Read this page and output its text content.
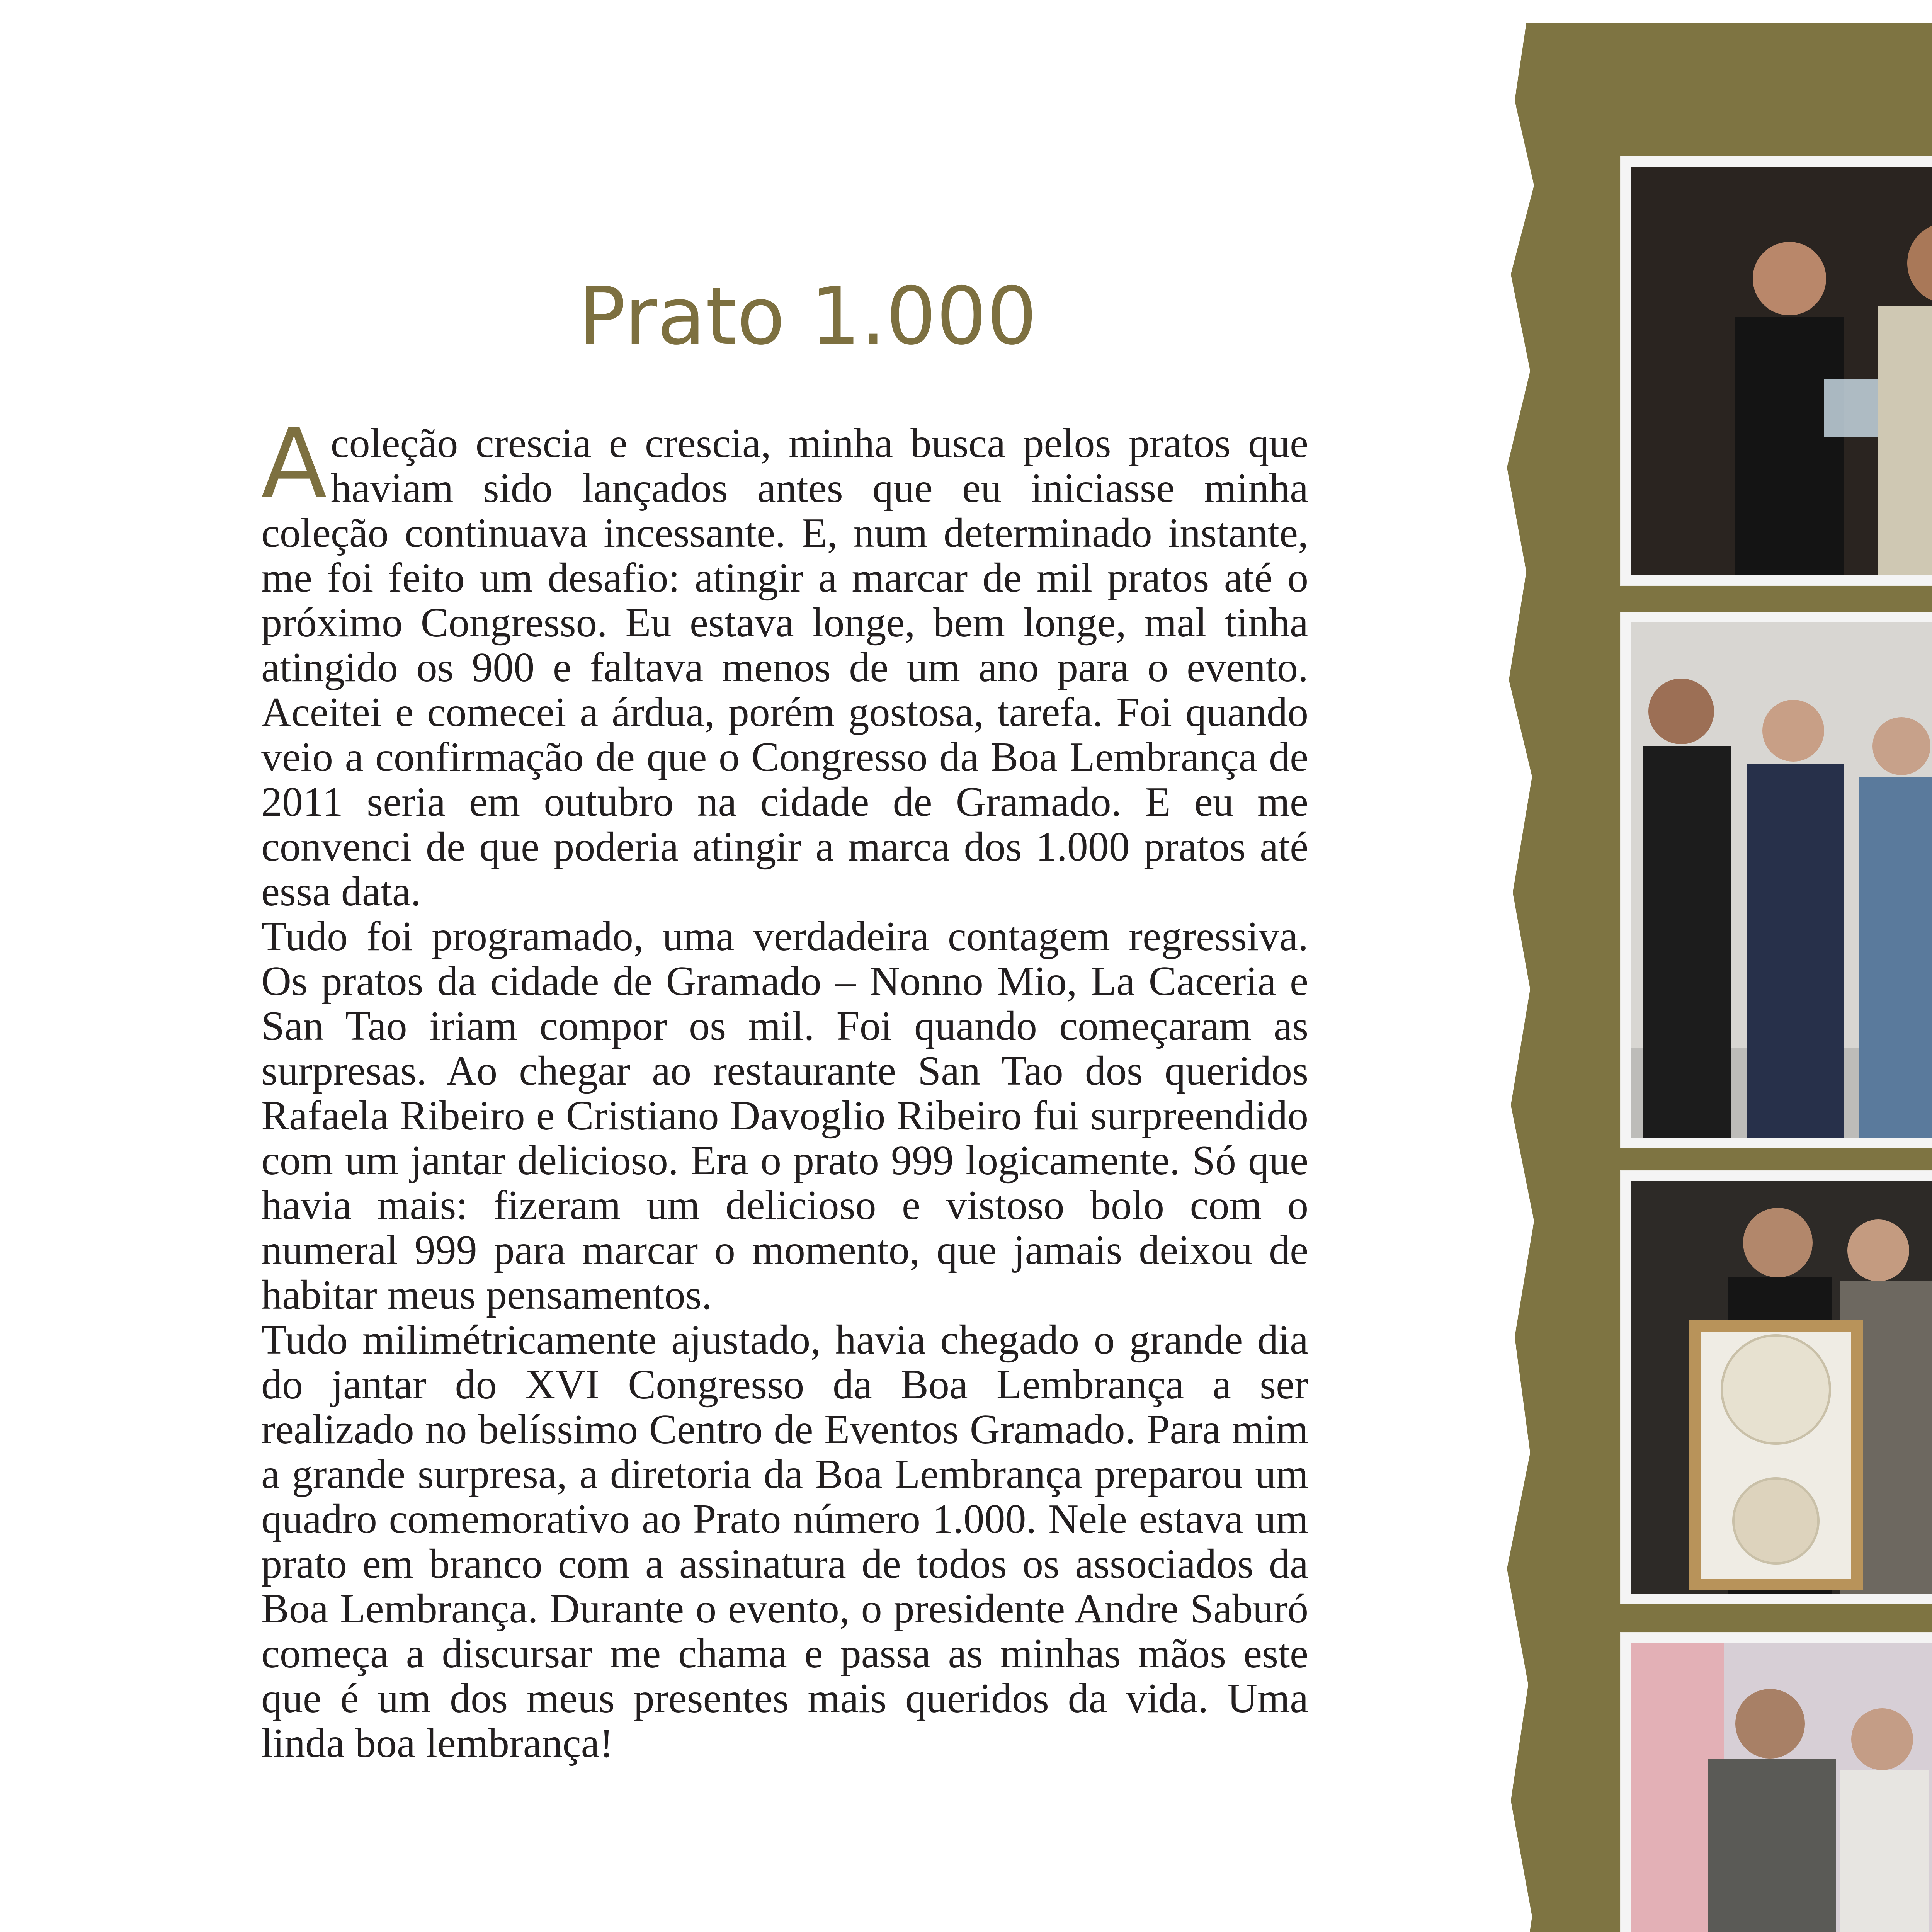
Prato 1.000

A coleção crescia e crescia, minha busca pelos pratos que haviam sido lançados antes que eu iniciasse minha coleção continuava incessante. E, num determinado instante, me foi feito um desafio: atingir a marcar de mil pratos até o próximo Congresso. Eu estava longe, bem longe, mal tinha atingido os 900 e faltava menos de um ano para o evento. Aceitei e comecei a árdua, porém gostosa, tarefa. Foi quando veio a confirmação de que o Congresso da Boa Lembrança de 2011 seria em outubro na cidade de Gramado. E eu me convenci de que poderia atingir a marca dos 1.000 pratos até essa data.

Tudo foi programado, uma verdadeira contagem regressiva. Os pratos da cidade de Gramado – Nonno Mio, La Caceria e San Tao iriam compor os mil. Foi quando começaram as surpresas. Ao chegar ao restaurante San Tao dos queridos Rafaela Ribeiro e Cristiano Davoglio Ribeiro fui surpreendido com um jantar delicioso. Era o prato 999 logicamente. Só que havia mais: fizeram um delicioso e vistoso bolo com o numeral 999 para marcar o momento, que jamais deixou de habitar meus pensamentos.

Tudo milimétricamente ajustado, havia chegado o grande dia do jantar do XVI Congresso da Boa Lembrança a ser realizado no belíssimo Centro de Eventos Gramado. Para mim a grande surpresa, a diretoria da Boa Lembrança preparou um quadro comemorativo ao Prato número 1.000. Nele estava um prato em branco com a assinatura de todos os associados da Boa Lembrança. Durante o evento, o presidente Andre Saburó começa a discursar me chama e passa as minhas mãos este que é um dos meus presentes mais queridos da vida. Uma linda boa lembrança!
